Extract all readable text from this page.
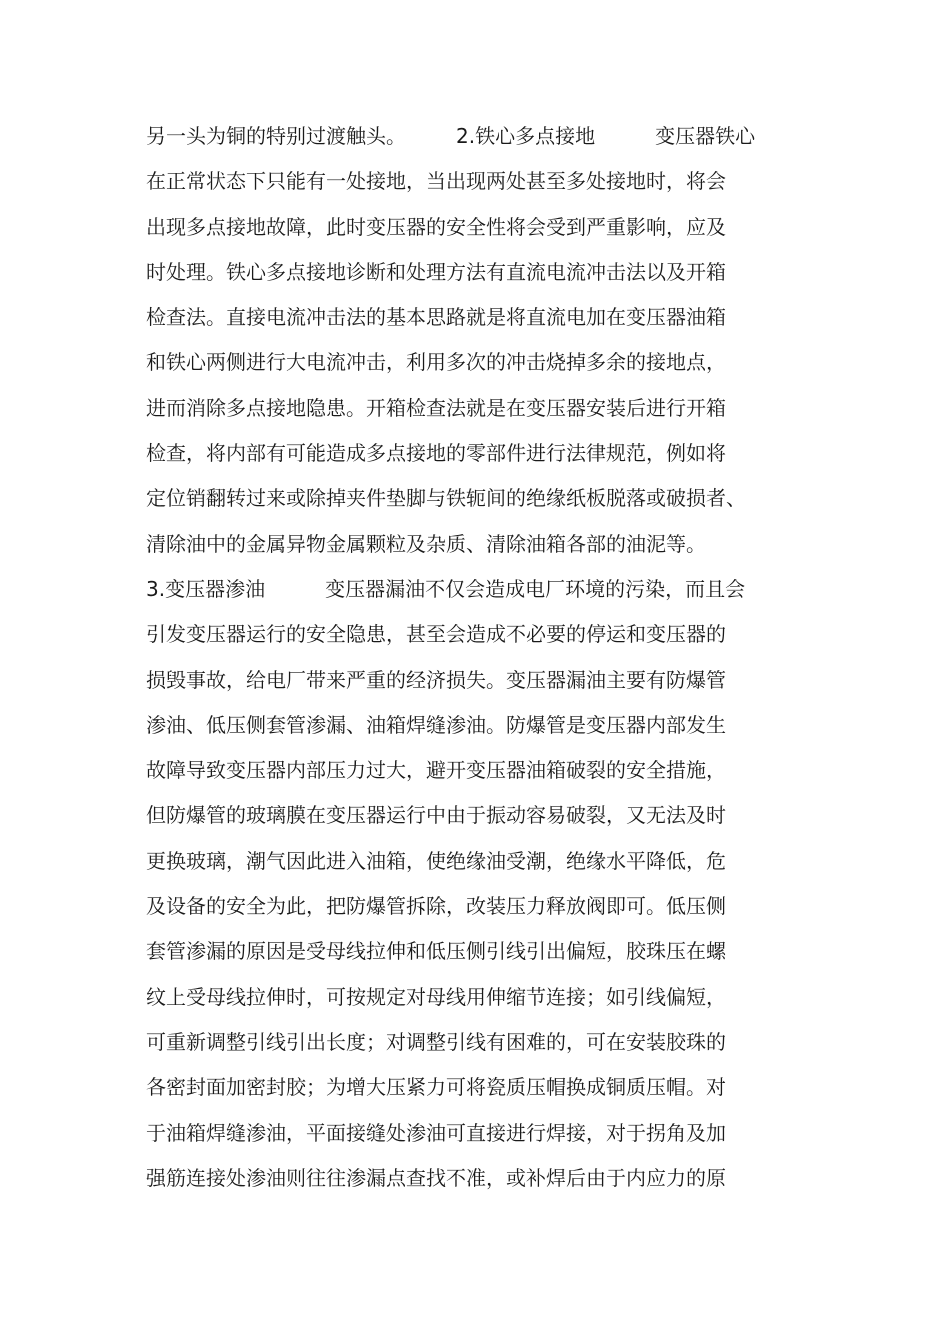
另一头为铜的特别过渡触头。　　　2.铁心多点接地　　　变压器铁心
在正常状态下只能有一处接地，当出现两处甚至多处接地时，将会
出现多点接地故障，此时变压器的安全性将会受到严重影响，应及
时处理。铁心多点接地诊断和处理方法有直流电流冲击法以及开箱
检查法。直接电流冲击法的基本思路就是将直流电加在变压器油箱
和铁心两侧进行大电流冲击，利用多次的冲击烧掉多余的接地点，
进而消除多点接地隐患。开箱检查法就是在变压器安装后进行开箱
检查，将内部有可能造成多点接地的零部件进行法律规范，例如将
定位销翻转过来或除掉夹件垫脚与铁轭间的绝缘纸板脱落或破损者、
清除油中的金属异物金属颗粒及杂质、清除油箱各部的油泥等。
3.变压器渗油　　　变压器漏油不仅会造成电厂环境的污染，而且会
引发变压器运行的安全隐患，甚至会造成不必要的停运和变压器的
损毁事故，给电厂带来严重的经济损失。变压器漏油主要有防爆管
渗油、低压侧套管渗漏、油箱焊缝渗油。防爆管是变压器内部发生
故障导致变压器内部压力过大，避开变压器油箱破裂的安全措施，
但防爆管的玻璃膜在变压器运行中由于振动容易破裂，又无法及时
更换玻璃，潮气因此进入油箱，使绝缘油受潮，绝缘水平降低，危
及设备的安全为此，把防爆管拆除，改装压力释放阀即可。低压侧
套管渗漏的原因是受母线拉伸和低压侧引线引出偏短，胶珠压在螺
纹上受母线拉伸时，可按规定对母线用伸缩节连接；如引线偏短，
可重新调整引线引出长度；对调整引线有困难的，可在安装胶珠的
各密封面加密封胶；为增大压紧力可将瓷质压帽换成铜质压帽。对
于油箱焊缝渗油，平面接缝处渗油可直接进行焊接，对于拐角及加
强筋连接处渗油则往往渗漏点查找不准，或补焊后由于内应力的原
